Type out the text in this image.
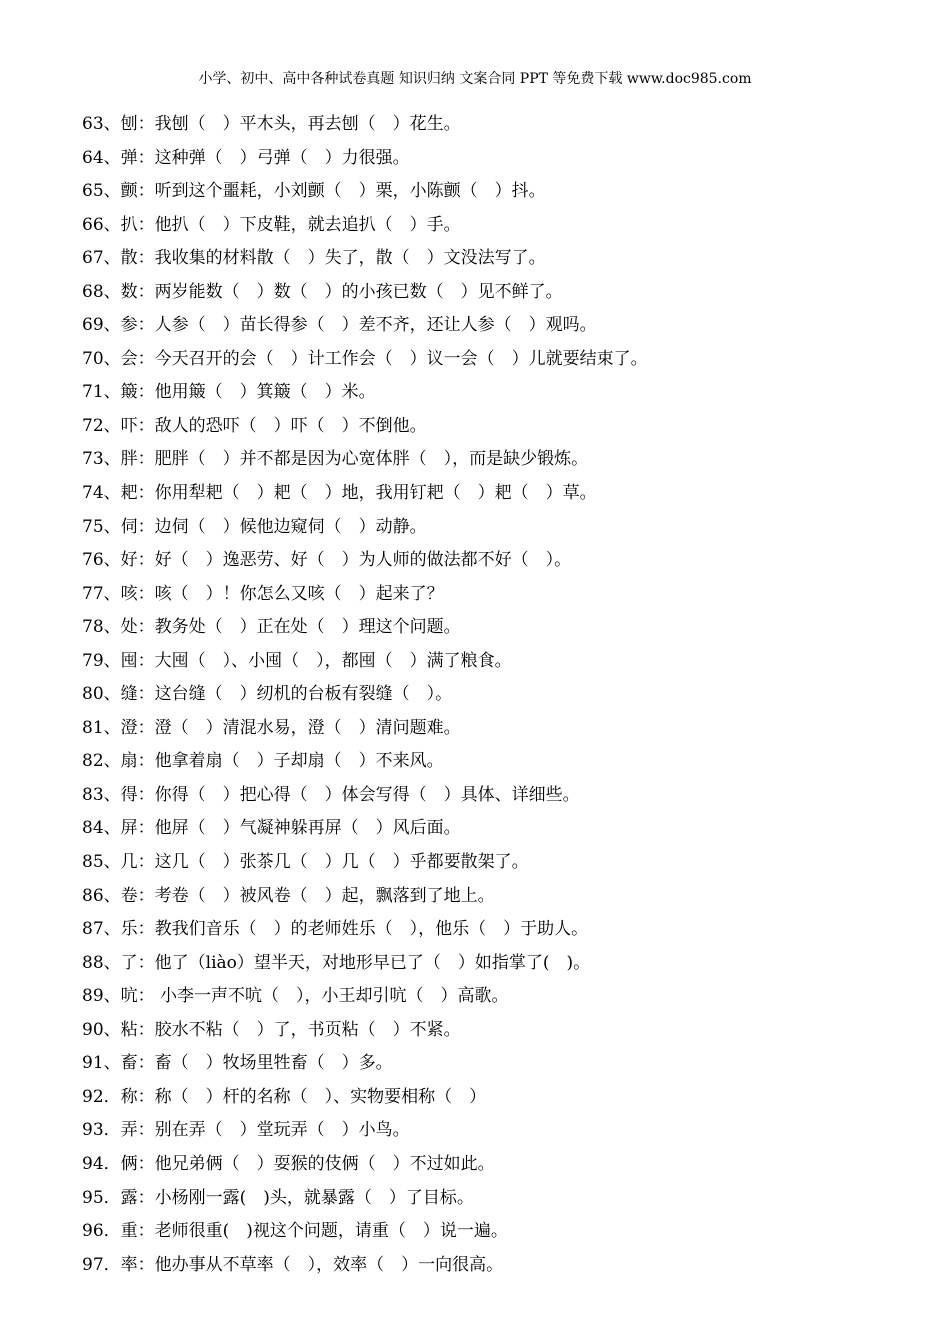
小学、初中、高中各种试卷真题 知识归纳 文案合同 PPT 等免费下载 www.doc985.com
63、刨：我刨（　）平木头，再去刨（　）花生。
64、弹：这种弹（　）弓弹（　）力很强。
65、颤：听到这个噩耗，小刘颤（　）栗，小陈颤（　）抖。
66、扒：他扒（　）下皮鞋，就去追扒（　）手。
67、散：我收集的材料散（　）失了，散（　）文没法写了。
68、数：两岁能数（　）数（　）的小孩已数（　）见不鲜了。
69、参：人参（　）苗长得参（　）差不齐，还让人参（　）观吗。
70、会：今天召开的会（　）计工作会（　）议一会（　）儿就要结束了。
71、簸：他用簸（　）箕簸（　）米。
72、吓：敌人的恐吓（　）吓（　）不倒他。
73、胖：肥胖（　）并不都是因为心宽体胖（　），而是缺少锻炼。
74、耙：你用犁耙（　）耙（　）地，我用钉耙（　）耙（　）草。
75、伺：边伺（　）候他边窥伺（　）动静。
76、好：好（　）逸恶劳、好（　）为人师的做法都不好（　）。
77、咳：咳（　）！你怎么又咳（　）起来了？
78、处：教务处（　）正在处（　）理这个问题。
79、囤：大囤（　）、小囤（　），都囤（　）满了粮食。
80、缝：这台缝（　）纫机的台板有裂缝（　）。
81、澄：澄（　）清混水易，澄（　）清问题难。
82、扇：他拿着扇（　）子却扇（　）不来风。
83、得：你得（　）把心得（　）体会写得（　）具体、详细些。
84、屏：他屏（　）气凝神躲再屏（　）风后面。
85、几：这几（　）张茶几（　）几（　）乎都要散架了。
86、卷：考卷（　）被风卷（　）起，飘落到了地上。
87、乐：教我们音乐（　）的老师姓乐（　），他乐（　）于助人。
88、了：他了（liào）望半天，对地形早已了（　）如指掌了(　)。
89、吭： 小李一声不吭（　），小王却引吭（　）高歌。
90、粘：胶水不粘（　）了，书页粘（　）不紧。
91、畜：畜（　）牧场里牲畜（　）多。
92．称：称（　）杆的名称（　）、实物要相称（　）
93．弄：别在弄（　）堂玩弄（　）小鸟。
94．俩：他兄弟俩（　）耍猴的伎俩（　）不过如此。
95．露：小杨刚一露(　)头，就暴露（　）了目标。
96．重：老师很重(　)视这个问题，请重（　）说一遍。
97．率：他办事从不草率（　），效率（　）一向很高。
